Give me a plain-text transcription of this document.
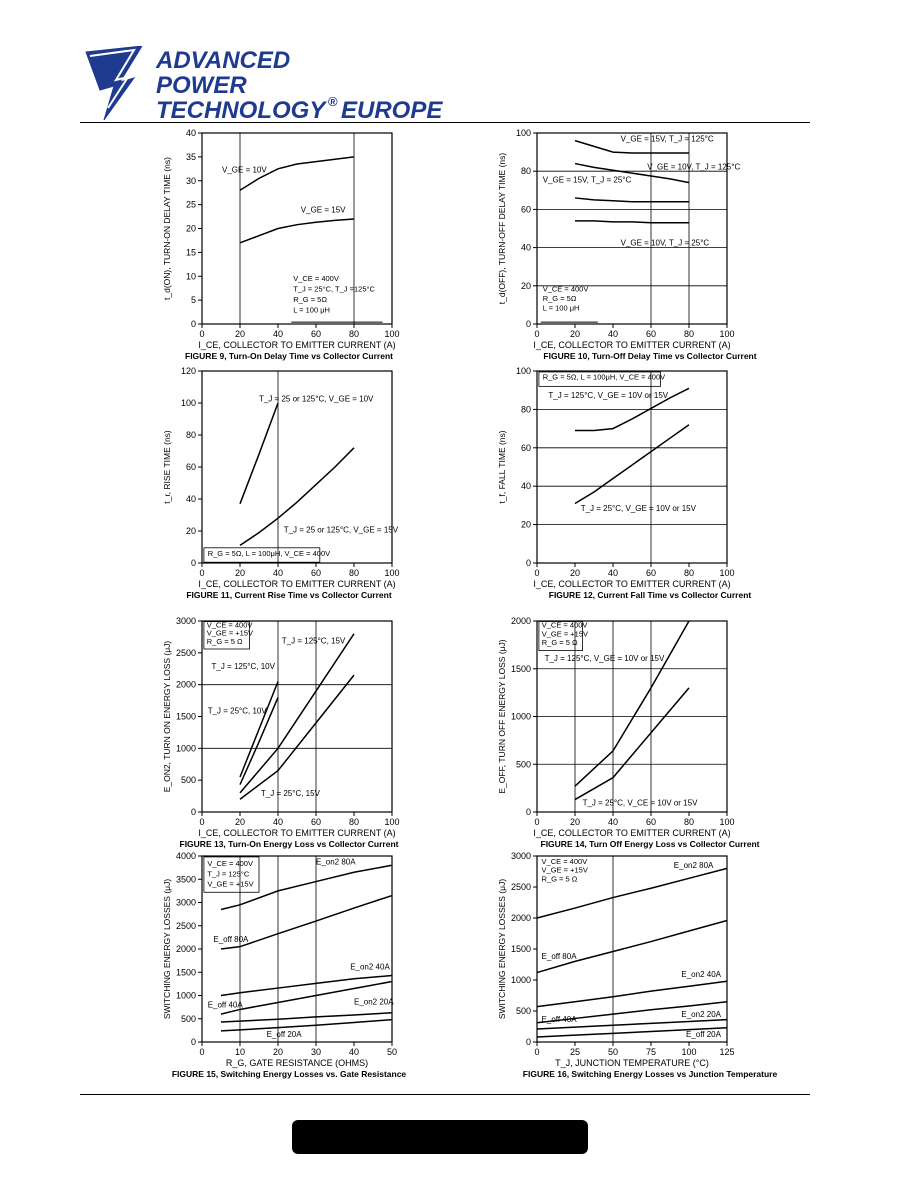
ADVANCED
POWER
TECHNOLOGY ® EUROPE
0	20	40	60	80	100
0
5
10
15
20
25
30
35
40
I_CE, COLLECTOR TO EMITTER CURRENT (A)
t_d(ON), TURN-ON DELAY TIME (ns)
FIGURE 9, Turn-On Delay Time vs Collector Current
V_GE = 10V
V_GE = 15V
V_CE = 400V
T_J = 25°C, T_J =125°C
R_G = 5Ω
L = 100 μH
0	20	40	60	80	100
0
20
40
60
80
100
I_CE, COLLECTOR TO EMITTER CURRENT (A)
t_d(OFF), TURN-OFF DELAY TIME (ns)
FIGURE 10, Turn-Off Delay Time vs Collector Current
V_GE = 15V, T_J = 125°C
V_GE = 10V, T_J = 125°C
V_GE = 15V, T_J = 25°C
V_GE = 10V, T_J = 25°C
V_CE = 400V
R_G = 5Ω
L = 100 μH
0	20	40	60	80	100
0
20
40
60
80
100
120
I_CE, COLLECTOR TO EMITTER CURRENT (A)
t_r, RISE TIME (ns)
FIGURE 11, Current Rise Time vs Collector Current
T_J = 25 or 125°C, V_GE = 10V
T_J = 25 or 125°C, V_GE = 15V
R_G = 5Ω, L = 100μH, V_CE = 400V
0	20	40	60	80	100
0
20
40
60
80
100
I_CE, COLLECTOR TO EMITTER CURRENT (A)
t_f, FALL TIME (ns)
FIGURE 12, Current Fall Time vs Collector Current
T_J = 125°C, V_GE = 10V or 15V
T_J = 25°C, V_GE = 10V or 15V
R_G = 5Ω, L = 100μH, V_CE = 400V
0	20	40	60	80	100
0
500
1000
1500
2000
2500
3000
I_CE, COLLECTOR TO EMITTER CURRENT (A)
E_ON2, TURN ON ENERGY LOSS (μJ)
FIGURE 13, Turn-On Energy Loss vs Collector Current
T_J = 125°C, 10V
T_J = 25°C, 10V
T_J = 125°C, 15V
T_J = 25°C, 15V
V_CE = 400V
V_GE = +15V
R_G = 5 Ω
0	20	40	60	80	100
0
500
1000
1500
2000
I_CE, COLLECTOR TO EMITTER CURRENT (A)
E_OFF, TURN OFF ENERGY LOSS (μJ)
FIGURE 14, Turn Off Energy Loss vs Collector Current
T_J = 125°C, V_GE = 10V or 15V
T_J = 25°C, V_CE = 10V or 15V
V_CE = 400V
V_GE = +15V
R_G = 5 Ω
0	10	20	30	40	50
0
500
1000
1500
2000
2500
3000
3500
4000
R_G, GATE RESISTANCE (OHMS)
SWITCHING ENERGY LOSSES (μJ)
FIGURE 15, Switching Energy Losses vs. Gate Resistance
E_on2 80A
E_off 80A
E_on2 40A
E_off 40A	E_on2 20A
E_off 20A
V_CE = 400V
T_J = 125°C
V_GE = +15V
0	25	50	75	100	125
0
500
1000
1500
2000
2500
3000
T_J, JUNCTION TEMPERATURE (°C)
SWITCHING ENERGY LOSSES (μJ)
FIGURE 16, Switching Energy Losses vs Junction Temperature
E_on2 80A
E_off 80A
E_on2 40A
E_off 40A
E_on2 20A
E_off 20A
V_CE = 400V
V_GE = +15V
R_G = 5 Ω
